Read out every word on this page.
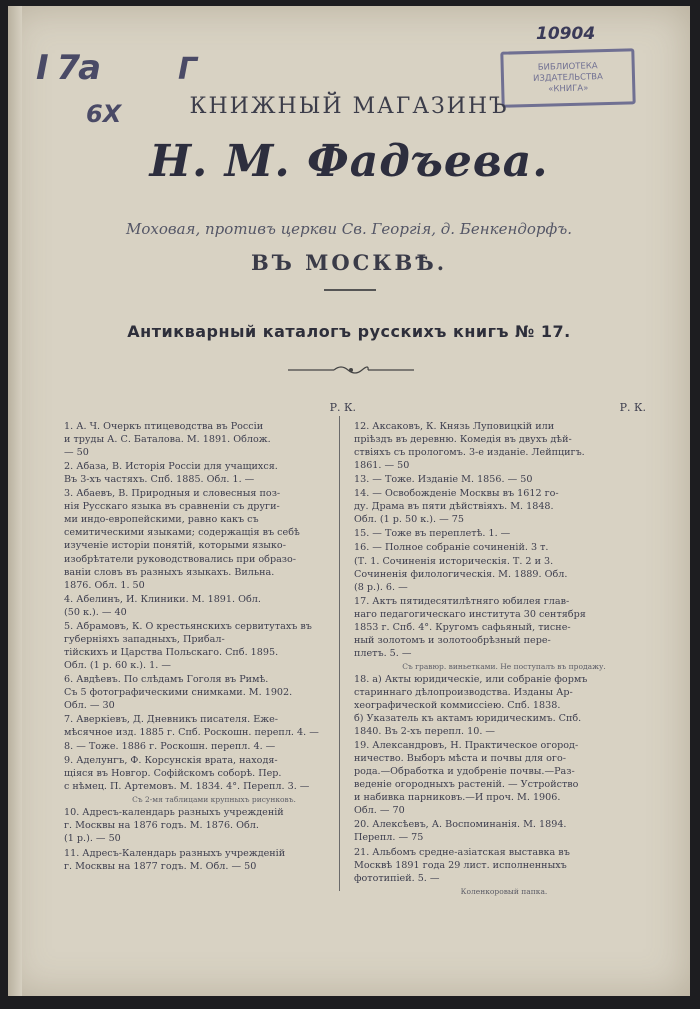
I 7а
6Х
Г
10904
БИБЛИОТЕКА
ИЗДАТЕЛЬСТВА
«КНИГА»
КНИЖНЫЙ МАГАЗИНЪ
Н. М. Фадъева.
Моховая, противъ церкви Св. Георгія, д. Бенкендорфъ.
ВЪ МОСКВѢ.
Антикварный каталогъ русскихъ книгъ № 17.
Р. К.

1. А. Ч. Очеркъ птицеводства въ Россіи
и труды А. С. Баталова. М. 1891. Облож.
— 50

2. Абаза, В. Исторія Россіи для учащихся.
Въ 3-хъ частяхъ. Спб. 1885. Обл. 1. —

3. Абаевъ, В. Природныя и словесныя поз-
нія Русскаго языка въ сравненіи съ други-
ми индо-европейскими, равно какъ съ
семитическими языками; содержащія въ себѣ
изученіе исторіи понятій, которыми языко-
изобрѣтатели руководствовались при образо-
ваніи словъ въ разныхъ языкахъ. Вильна.
1876. Обл. 1. 50

4. Абелинъ, И. Клиники. М. 1891. Обл.
(50 к.). — 40

5. Абрамовъ, К. О крестьянскихъ сервитутахъ въ губерніяхъ западныхъ, Прибал-
тійскихъ и Царства Польскаго. Спб. 1895.
Обл. (1 р. 60 к.). 1. —

6. Авдѣевъ. По слѣдамъ Гоголя въ Римѣ.
Съ 5 фотографическими снимками. М. 1902.
Обл. — 30

7. Аверкіевъ, Д. Дневникъ писателя. Еже-
мѣсячное изд. 1885 г. Спб. Роскошн. перепл. 4. —

8. — Тоже. 1886 г. Роскошн. перепл. 4. —

9. Аделунгъ, Ф. Корсунскія врата, находя-
щіяся въ Новгор. Софійскомъ соборѣ. Пер.
с нѣмец. П. Артемовъ. М. 1834. 4°. Перепл. 3. —

Съ 2-мя таблицами крупныхъ рисунковъ.

10. Адресъ-календарь разныхъ учрежденій
г. Москвы на 1876 годъ. М. 1876. Обл.
(1 р.). — 50

11. Адресъ-Календарь разныхъ учрежденій
г. Москвы на 1877 годъ. М. Обл. — 50

Р. К.

12. Аксаковъ, К. Князь Луповицкій или
пріѣздъ въ деревню. Комедія въ двухъ дѣй-
ствіяхъ съ прологомъ. 3-е изданіе. Лейпцигъ.
1861. — 50

13. — Тоже. Изданіе М. 1856. — 50

14. — Освобожденіе Москвы въ 1612 го-
ду. Драма въ пяти дѣйствіяхъ. М. 1848.
Обл. (1 р. 50 к.). — 75

15. — Тоже въ переплетѣ. 1. —

16. — Полное собраніе сочиненій. 3 т.
(Т. 1. Сочиненія историческія. Т. 2 и 3.
Сочиненія филологическія. М. 1889. Обл.
(8 р.). 6. —

17. Актъ пятидесятилѣтняго юбилея глав-
наго педагогическаго института 30 сентября
1853 г. Спб. 4°. Кругомъ сафьяный, тисне-
ный золотомъ и золотообрѣзный пере-
плетъ. 5. —

Съ гравюр. виньетками. Не поступалъ въ продажу.

18. а) Акты юридическіе, или собраніе формъ
стариннаго дѣлопроизводства. Изданы Ар-
хеографической коммиссіею. Спб. 1838.
б) Указатель къ актамъ юридическимъ. Спб.
1840. Въ 2-хъ перепл. 10. —

19. Александровъ, Н. Практическое огород-
ничество. Выборъ мѣста и почвы для ого-
рода.—Обработка и удобреніе почвы.—Раз-
веденіе огородныхъ растеній. — Устройство
и набивка парниковъ.—И проч. М. 1906.
Обл. — 70

20. Алексѣевъ, А. Воспоминанія. М. 1894.
Перепл. — 75

21. Альбомъ средне-азіатская выставка въ
Москвѣ 1891 года 29 лист. исполненныхъ
фототипіей. 5. —

Коленкоровый папка.
